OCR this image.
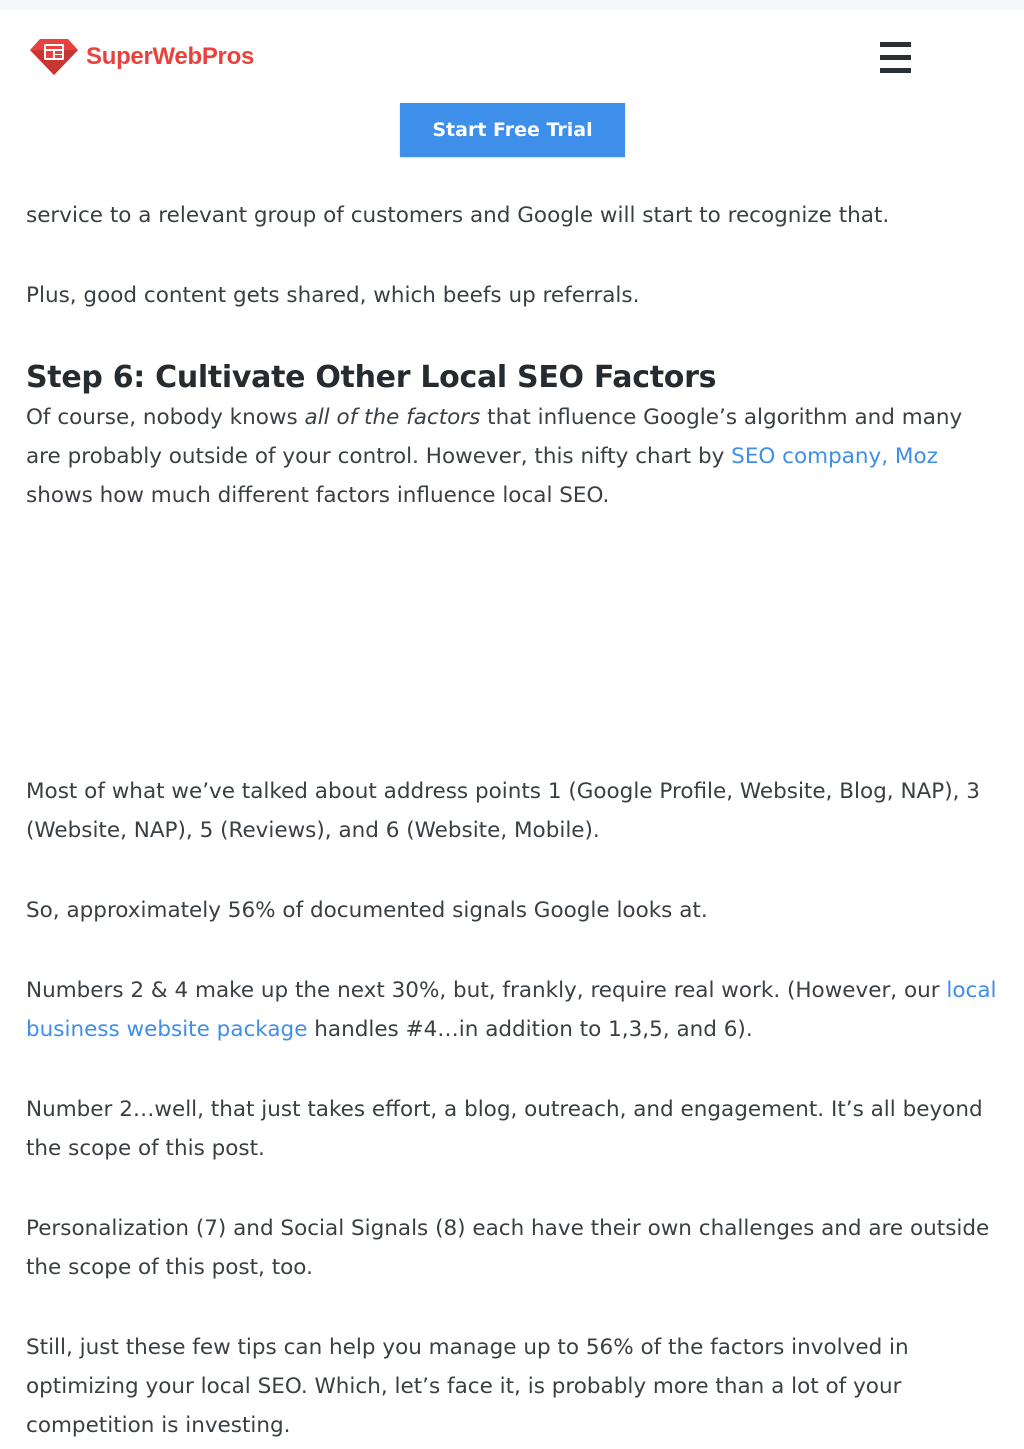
SuperWebPros
Start Free Trial

service to a relevant group of customers and Google will start to recognize that.

Plus, good content gets shared, which beefs up referrals.

Step 6: Cultivate Other Local SEO Factors

Of course, nobody knows all of the factors that influence Google’s algorithm and many are probably outside of your control. However, this nifty chart by SEO company, Moz shows how much different factors influence local SEO.

Most of what we’ve talked about address points 1 (Google Profile, Website, Blog, NAP), 3 (Website, NAP), 5 (Reviews), and 6 (Website, Mobile).

So, approximately 56% of documented signals Google looks at.

Numbers 2 & 4 make up the next 30%, but, frankly, require real work. (However, our local business website package handles #4…in addition to 1,3,5, and 6).

Number 2…well, that just takes effort, a blog, outreach, and engagement. It’s all beyond the scope of this post.

Personalization (7) and Social Signals (8) each have their own challenges and are outside the scope of this post, too.

Still, just these few tips can help you manage up to 56% of the factors involved in optimizing your local SEO. Which, let’s face it, is probably more than a lot of your competition is investing.
